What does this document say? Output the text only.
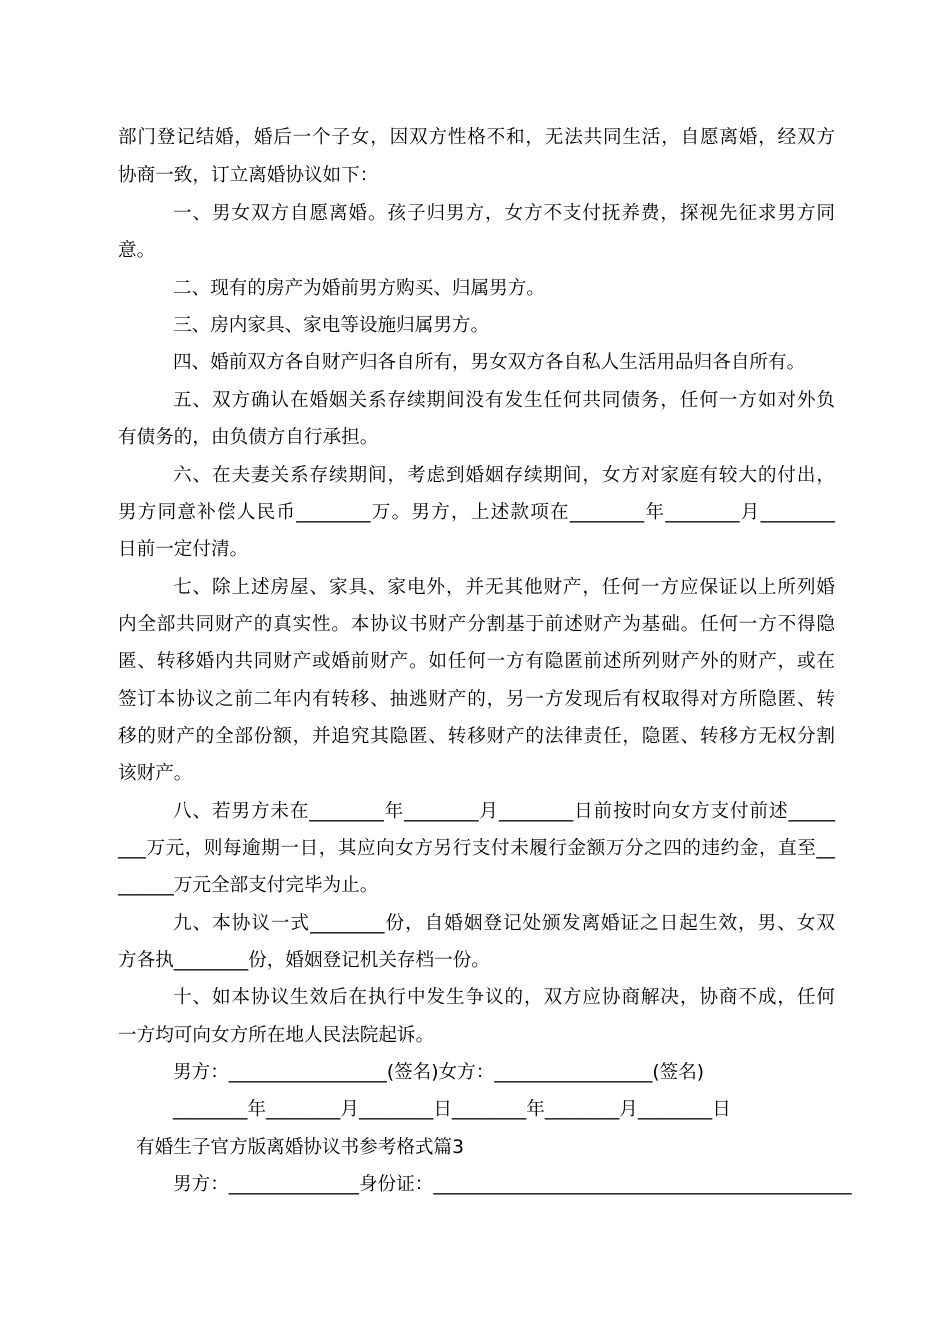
部门登记结婚，婚后一个子女，因双方性格不和，无法共同生活，自愿离婚，经双方
协商一致，订立离婚协议如下：
一、男女双方自愿离婚。孩子归男方，女方不支付抚养费，探视先征求男方同
意。
二、现有的房产为婚前男方购买、归属男方。
三、房内家具、家电等设施归属男方。
四、婚前双方各自财产归各自所有，男女双方各自私人生活用品归各自所有。
五、双方确认在婚姻关系存续期间没有发生任何共同债务，任何一方如对外负
有债务的，由负债方自行承担。
六、在夫妻关系存续期间，考虑到婚姻存续期间，女方对家庭有较大的付出，
男方同意补偿人民币________万。男方，上述款项在________年________月________
日前一定付清。
七、除上述房屋、家具、家电外，并无其他财产，任何一方应保证以上所列婚
内全部共同财产的真实性。本协议书财产分割基于前述财产为基础。任何一方不得隐
匿、转移婚内共同财产或婚前财产。如任何一方有隐匿前述所列财产外的财产，或在
签订本协议之前二年内有转移、抽逃财产的，另一方发现后有权取得对方所隐匿、转
移的财产的全部份额，并追究其隐匿、转移财产的法律责任，隐匿、转移方无权分割
该财产。
八、若男方未在________年________月________日前按时向女方支付前述_____
___万元，则每逾期一日，其应向女方另行支付未履行金额万分之四的违约金，直至__
______万元全部支付完毕为止。
九、本协议一式________份，自婚姻登记处颁发离婚证之日起生效，男、女双
方各执________份，婚姻登记机关存档一份。
十、如本协议生效后在执行中发生争议的，双方应协商解决，协商不成，任何
一方均可向女方所在地人民法院起诉。
男方：_________________(签名)女方：_________________(签名)
________年________月________日________年________月________日
有婚生子官方版离婚协议书参考格式篇3
男方：______________身份证：_____________________________________________
